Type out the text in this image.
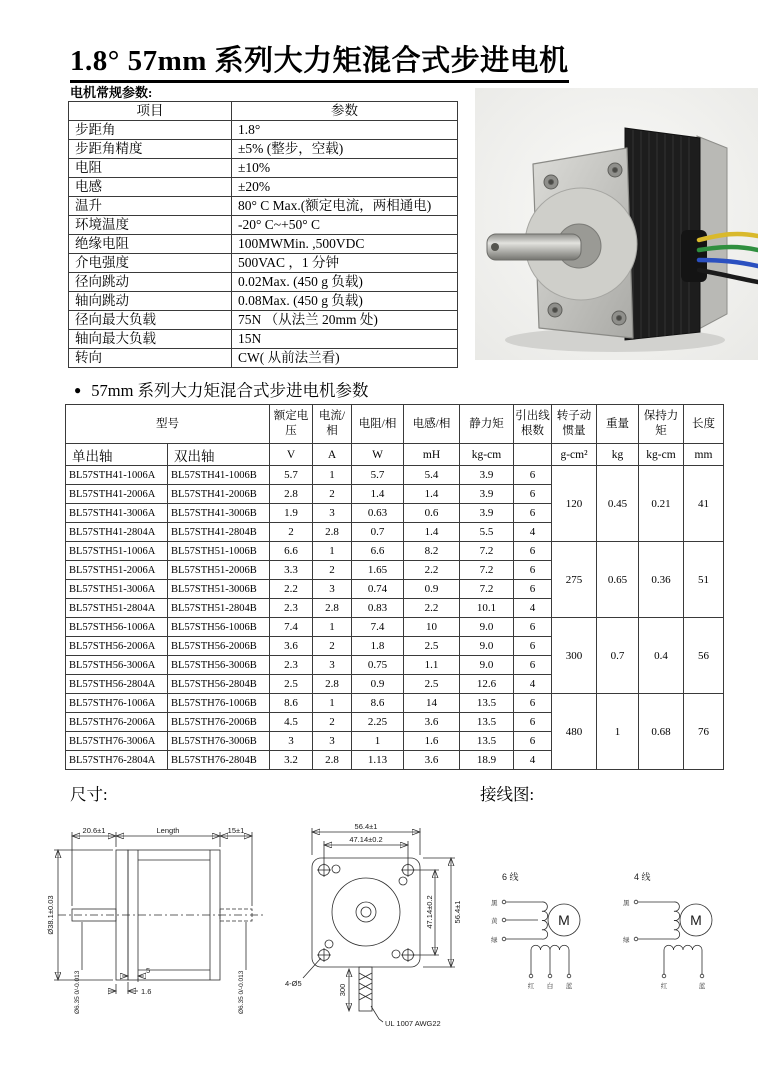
1.8° 57mm 系列大力矩混合式步进电机
电机常规参数:
项目	参数
步距角	1.8°
步距角精度	±5% (整步，空载)
电阻	±10%
电感	±20%
温升	80° C Max.(额定电流，两相通电)
环境温度	-20° C~+50° C
绝缘电阻	100MWMin. ,500VDC
介电强度	500VAC ，1 分钟
径向跳动	0.02Max. (450 g 负载)
轴向跳动	0.08Max. (450 g 负载)
径向最大负载	75N （从法兰 20mm 处)
轴向最大负载	15N
转向	CW( 从前法兰看)
● 57mm 系列大力矩混合式步进电机参数
型号		额定电压	电流/相	电阻/相	电感/相	静力矩	引出线根数	转子动惯量	重量	保持力矩	长度
单出轴	双出轴	V	A	W	mH	kg-cm		g-cm²	kg	kg-cm	mm
BL57STH41-1006A	BL57STH41-1006B	5.7	1	5.7	5.4	3.9	6	120	0.45	0.21	41
BL57STH41-2006A	BL57STH41-2006B	2.8	2	1.4	1.4	3.9	6				
BL57STH41-3006A	BL57STH41-3006B	1.9	3	0.63	0.6	3.9	6				
BL57STH41-2804A	BL57STH41-2804B	2	2.8	0.7	1.4	5.5	4				
BL57STH51-1006A	BL57STH51-1006B	6.6	1	6.6	8.2	7.2	6	275	0.65	0.36	51
BL57STH51-2006A	BL57STH51-2006B	3.3	2	1.65	2.2	7.2	6				
BL57STH51-3006A	BL57STH51-3006B	2.2	3	0.74	0.9	7.2	6				
BL57STH51-2804A	BL57STH51-2804B	2.3	2.8	0.83	2.2	10.1	4				
BL57STH56-1006A	BL57STH56-1006B	7.4	1	7.4	10	9.0	6	300	0.7	0.4	56
BL57STH56-2006A	BL57STH56-2006B	3.6	2	1.8	2.5	9.0	6				
BL57STH56-3006A	BL57STH56-3006B	2.3	3	0.75	1.1	9.0	6				
BL57STH56-2804A	BL57STH56-2804B	2.5	2.8	0.9	2.5	12.6	4				
BL57STH76-1006A	BL57STH76-1006B	8.6	1	8.6	14	13.5	6	480	1	0.68	76
BL57STH76-2006A	BL57STH76-2006B	4.5	2	2.25	3.6	13.5	6				
BL57STH76-3006A	BL57STH76-3006B	3	3	1	1.6	13.5	6				
BL57STH76-2804A	BL57STH76-2804B	3.2	2.8	1.13	3.6	18.9	4				
尺寸:	接线图:
20.6±1	Length	15±1
Ø38.1±0.03
Ø6.35 0/-0.013	Ø6.35 0/-0.013
5
1.6
56.4±1
47.14±0.2
47.14±0.2	56.4±1
4-Ø5
300
UL 1007 AWG22
6 线
黑
黄
绿
M
红 白 蓝
4 线
黑
绿
M
红	蓝
